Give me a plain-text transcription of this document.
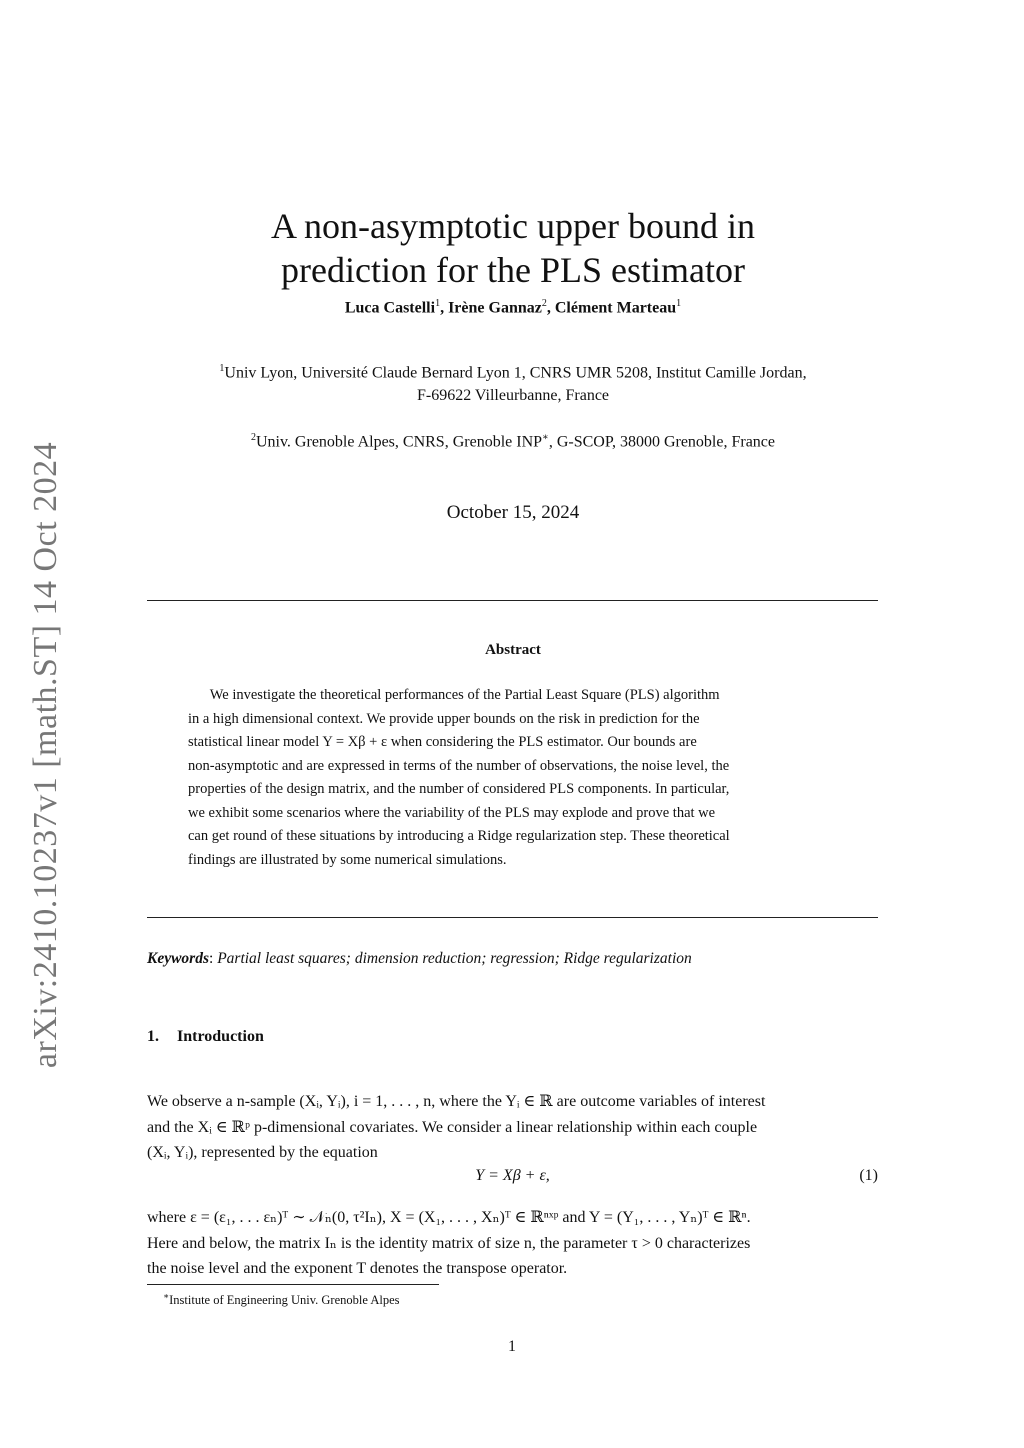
arXiv:2410.10237v1 [math.ST] 14 Oct 2024
A non-asymptotic upper bound in
prediction for the PLS estimator
Luca Castelli$^1$, Irène Gannaz$^2$, Clément Marteau$^1$
$^1$Univ Lyon, Université Claude Bernard Lyon 1, CNRS UMR 5208, Institut Camille Jordan,
F-69622 Villeurbanne, France
$^2$Univ. Grenoble Alpes, CNRS, Grenoble INP∗, G-SCOP, 38000 Grenoble, France
October 15, 2024
Abstract
  We investigate the theoretical performances of the Partial Least Square (PLS) algorithm
in a high dimensional context. We provide upper bounds on the risk in prediction for the
statistical linear model Y = Xβ + ε when considering the PLS estimator. Our bounds are
non-asymptotic and are expressed in terms of the number of observations, the noise level, the
properties of the design matrix, and the number of considered PLS components. In particular,
we exhibit some scenarios where the variability of the PLS may explode and prove that we
can get round of these situations by introducing a Ridge regularization step. These theoretical
findings are illustrated by some numerical simulations.
Keywords: Partial least squares; dimension reduction; regression; Ridge regularization
1. Introduction
We observe a n-sample (Xᵢ, Yᵢ), i = 1, . . . , n, where the Yᵢ ∈ ℝ are outcome variables of interest
and the Xᵢ ∈ ℝᵖ p-dimensional covariates. We consider a linear relationship within each couple
(Xᵢ, Yᵢ), represented by the equation
Y = Xβ + ε,	(1)
where ε = (ε₁, . . . εₙ)ᵀ ∼ 𝒩ₙ(0, τ²Iₙ), X = (X₁, . . . , Xₙ)ᵀ ∈ ℝⁿˣᵖ and Y = (Y₁, . . . , Yₙ)ᵀ ∈ ℝⁿ.
Here and below, the matrix Iₙ is the identity matrix of size n, the parameter τ > 0 characterizes
the noise level and the exponent T denotes the transpose operator.
∗Institute of Engineering Univ. Grenoble Alpes
1
